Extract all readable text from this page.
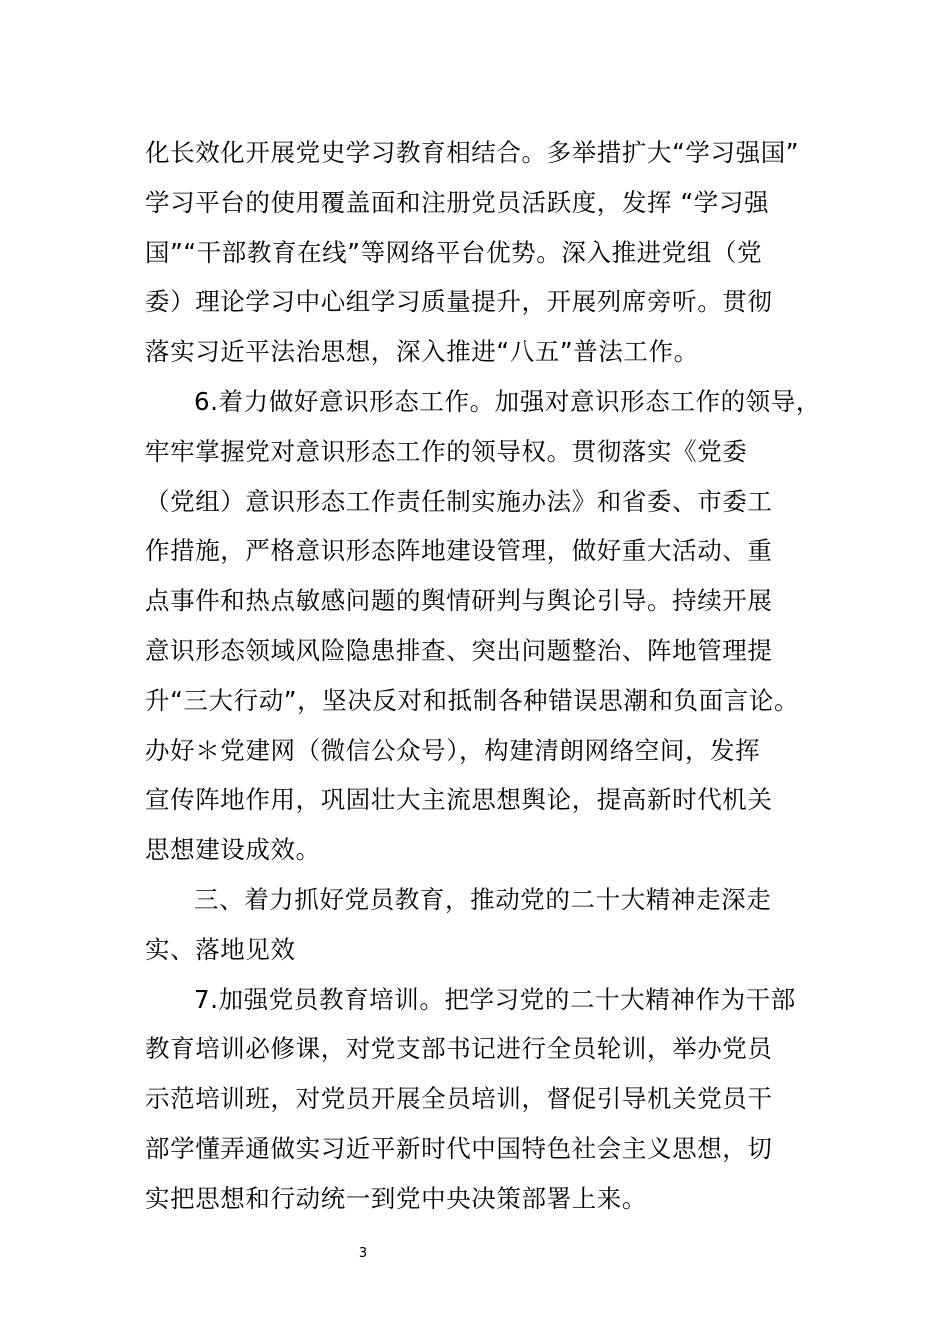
化长效化开展党史学习教育相结合。多举措扩大“学习强国”
学习平台的使用覆盖面和注册党员活跃度，发挥 “学习强
国”“干部教育在线”等网络平台优势。深入推进党组（党
委）理论学习中心组学习质量提升，开展列席旁听。贯彻
落实习近平法治思想，深入推进“八五”普法工作。
6.着力做好意识形态工作。加强对意识形态工作的领导，
牢牢掌握党对意识形态工作的领导权。贯彻落实《党委
（党组）意识形态工作责任制实施办法》和省委、市委工
作措施，严格意识形态阵地建设管理，做好重大活动、重
点事件和热点敏感问题的舆情研判与舆论引导。持续开展
意识形态领域风险隐患排查、突出问题整治、阵地管理提
升“三大行动”，坚决反对和抵制各种错误思潮和负面言论。
办好＊党建网（微信公众号），构建清朗网络空间，发挥
宣传阵地作用，巩固壮大主流思想舆论，提高新时代机关
思想建设成效。
三、着力抓好党员教育，推动党的二十大精神走深走
实、落地见效
7.加强党员教育培训。把学习党的二十大精神作为干部
教育培训必修课，对党支部书记进行全员轮训，举办党员
示范培训班，对党员开展全员培训，督促引导机关党员干
部学懂弄通做实习近平新时代中国特色社会主义思想，切
实把思想和行动统一到党中央决策部署上来。
3
